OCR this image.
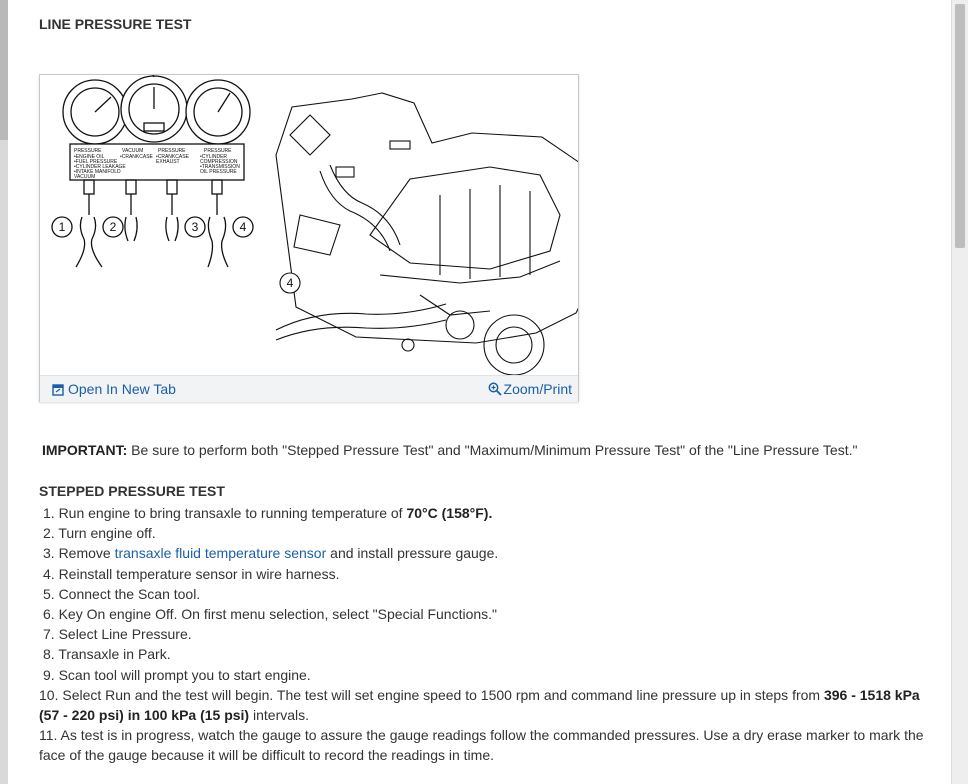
LINE PRESSURE TEST
1	2	3	4
PRESSURE	VACUUM	PRESSURE	PRESSURE
•ENGINE OIL
•FUEL PRESSURE
•CYLINDER LEAKAGE
•INTAKE MANIFOLD
VACUUM
•CRANKCASE •CRANKCASE
EXHAUST
•CYLINDER
COMPRESSION
•TRANSMISSION
OIL PRESSURE
4
Open In New Tab	Zoom/Print
IMPORTANT: Be sure to perform both "Stepped Pressure Test" and "Maximum/Minimum Pressure Test" of the "Line Pressure Test."
STEPPED PRESSURE TEST
1. Run engine to bring transaxle to running temperature of 70°C (158°F).
2. Turn engine off.
3. Remove transaxle fluid temperature sensor and install pressure gauge.
4. Reinstall temperature sensor in wire harness.
5. Connect the Scan tool.
6. Key On engine Off. On first menu selection, select "Special Functions."
7. Select Line Pressure.
8. Transaxle in Park.
9. Scan tool will prompt you to start engine.
10. Select Run and the test will begin. The test will set engine speed to 1500 rpm and command line pressure up in steps from 396 - 1518 kPa (57 - 220 psi) in 100 kPa (15 psi) intervals.
11. As test is in progress, watch the gauge to assure the gauge readings follow the commanded pressures. Use a dry erase marker to mark the face of the gauge because it will be difficult to record the readings in time.
